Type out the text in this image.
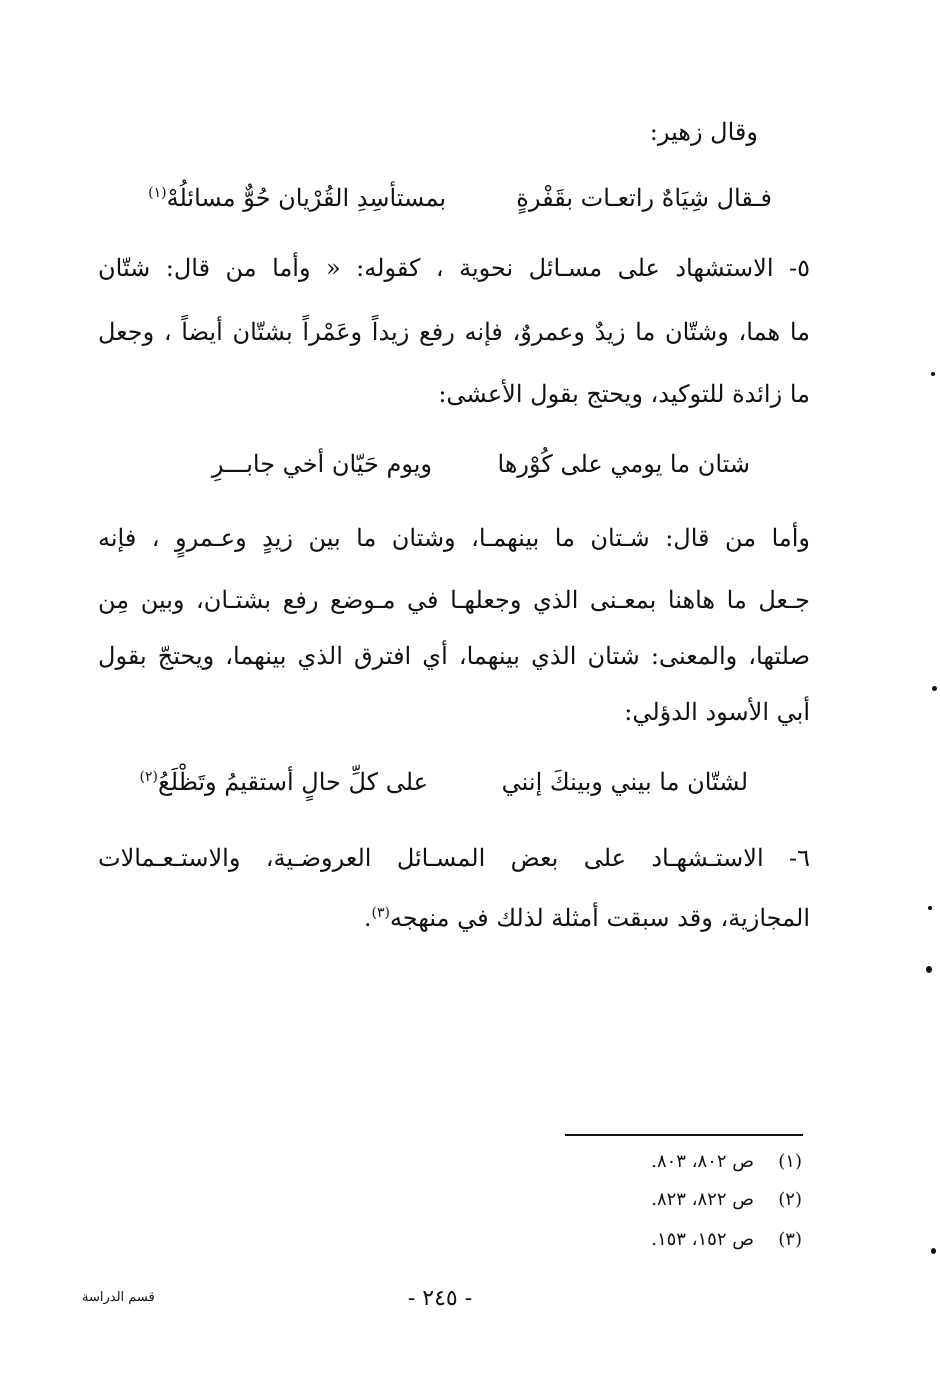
وقال زهير:
فـقال شِيَاهٌ راتعـات بقَفْرةٍ
بمستأسِدِ القُرْيان حُوٌّ مسائلُهْ$^{(١)}$
٥- الاستشهاد على مسـائل نحوية ، كقوله: « وأما من قال: شتّان
ما هما، وشتّان ما زيدٌ وعمروٌ، فإنه رفع زيداً وعَمْراً بشتّان أيضاً ، وجعل
ما زائدة للتوكيد، ويحتج بقول الأعشى:
شتان ما يومي على كُوْرها
ويوم حَيّان أخي جابـــرِ
وأما من قال: شـتان ما بينهمـا، وشتان ما بين زيدٍ وعـمروٍ ، فإنه
جـعل ما هاهنا بمعـنى الذي وجعلهـا في مـوضع رفع بشتـان، وبين مِن
صلتها، والمعنى: شتان الذي بينهما، أي افترق الذي بينهما، ويحتجّ بقول
أبي الأسود الدؤلي:
لشتّان ما بيني وبينكَ إنني
على كلِّ حالٍ أستقيمُ وتَظْلَعُ$^{(٢)}$
٦- الاستـشهـاد على بعض المسـائل العروضـية، والاستـعـمالات
المجازية، وقد سبقت أمثلة لذلك في منهجه$^{(٣)}$.
(١)ص ٨٠٢، ٨٠٣.
(٢)ص ٨٢٢، ٨٢٣.
(٣)ص ١٥٢، ١٥٣.
- ٢٤٥ -
قسم الدراسة
